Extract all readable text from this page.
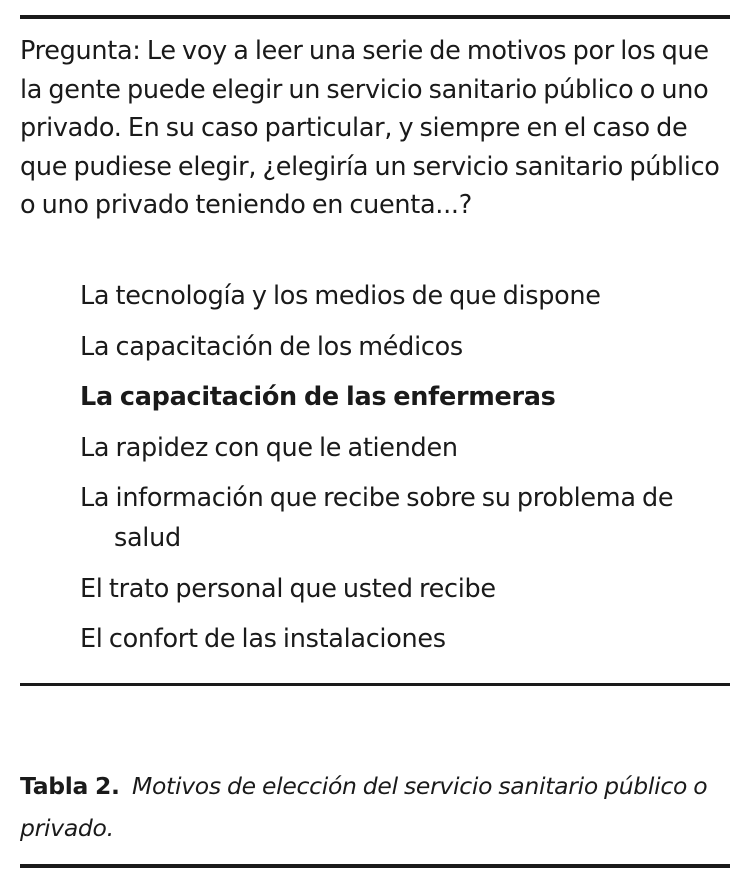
Pregunta: Le voy a leer una serie de motivos por los que la gente puede elegir un servicio sanitario público o uno privado. En su caso particular, y siempre en el caso de que pudiese elegir, ¿elegiría un servicio sanitario público o uno privado teniendo en cuenta...?

La tecnología y los medios de que dispone
La capacitación de los médicos
La capacitación de las enfermeras
La rapidez con que le atienden
La información que recibe sobre su problema de salud
El trato personal que usted recibe
El confort de las instalaciones

Tabla 2. Motivos de elección del servicio sanitario público o privado.
